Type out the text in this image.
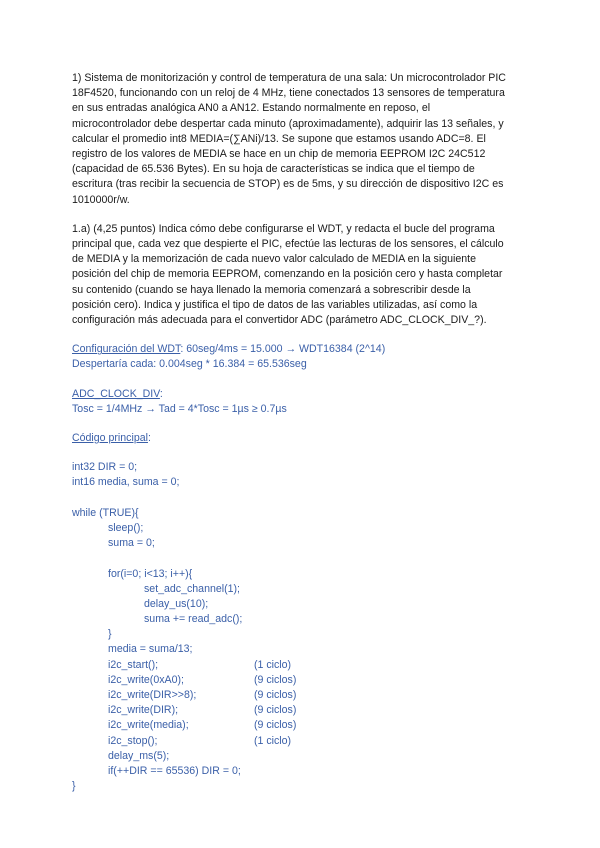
1) Sistema de monitorización y control de temperatura de una sala: Un microcontrolador PIC
18F4520, funcionando con un reloj de 4 MHz, tiene conectados 13 sensores de temperatura
en sus entradas analógica AN0 a AN12. Estando normalmente en reposo, el
microcontrolador debe despertar cada minuto (aproximadamente), adquirir las 13 señales, y
calcular el promedio int8 MEDIA=(∑ANi)/13. Se supone que estamos usando ADC=8. El
registro de los valores de MEDIA se hace en un chip de memoria EEPROM I2C 24C512
(capacidad de 65.536 Bytes). En su hoja de características se indica que el tiempo de
escritura (tras recibir la secuencia de STOP) es de 5ms, y su dirección de dispositivo I2C es
1010000r/w.

1.a) (4,25 puntos) Indica cómo debe configurarse el WDT, y redacta el bucle del programa
principal que, cada vez que despierte el PIC, efectúe las lecturas de los sensores, el cálculo
de MEDIA y la memorización de cada nuevo valor calculado de MEDIA en la siguiente
posición del chip de memoria EEPROM, comenzando en la posición cero y hasta completar
su contenido (cuando se haya llenado la memoria comenzará a sobrescribir desde la
posición cero). Indica y justifica el tipo de datos de las variables utilizadas, así como la
configuración más adecuada para el convertidor ADC (parámetro ADC_CLOCK_DIV_?).

Configuración del WDT: 60seg/4ms = 15.000 → WDT16384 (2^14)
Despertaría cada: 0.004seg * 16.384 = 65.536seg
ADC_CLOCK_DIV:
Tosc = 1/4MHz → Tad = 4*Tosc = 1µs ≥ 0.7µs
Código principal:
int32 DIR = 0;
int16 media, suma = 0;
while (TRUE){
sleep();
suma = 0;
for(i=0; i<13; i++){
set_adc_channel(1);
delay_us(10);
suma += read_adc();
}
media = suma/13;
i2c_start();	(1 ciclo)
i2c_write(0xA0);	(9 ciclos)
i2c_write(DIR>>8);	(9 ciclos)
i2c_write(DIR);	(9 ciclos)
i2c_write(media);	(9 ciclos)
i2c_stop();	(1 ciclo)
delay_ms(5);
if(++DIR == 65536) DIR = 0;
}
